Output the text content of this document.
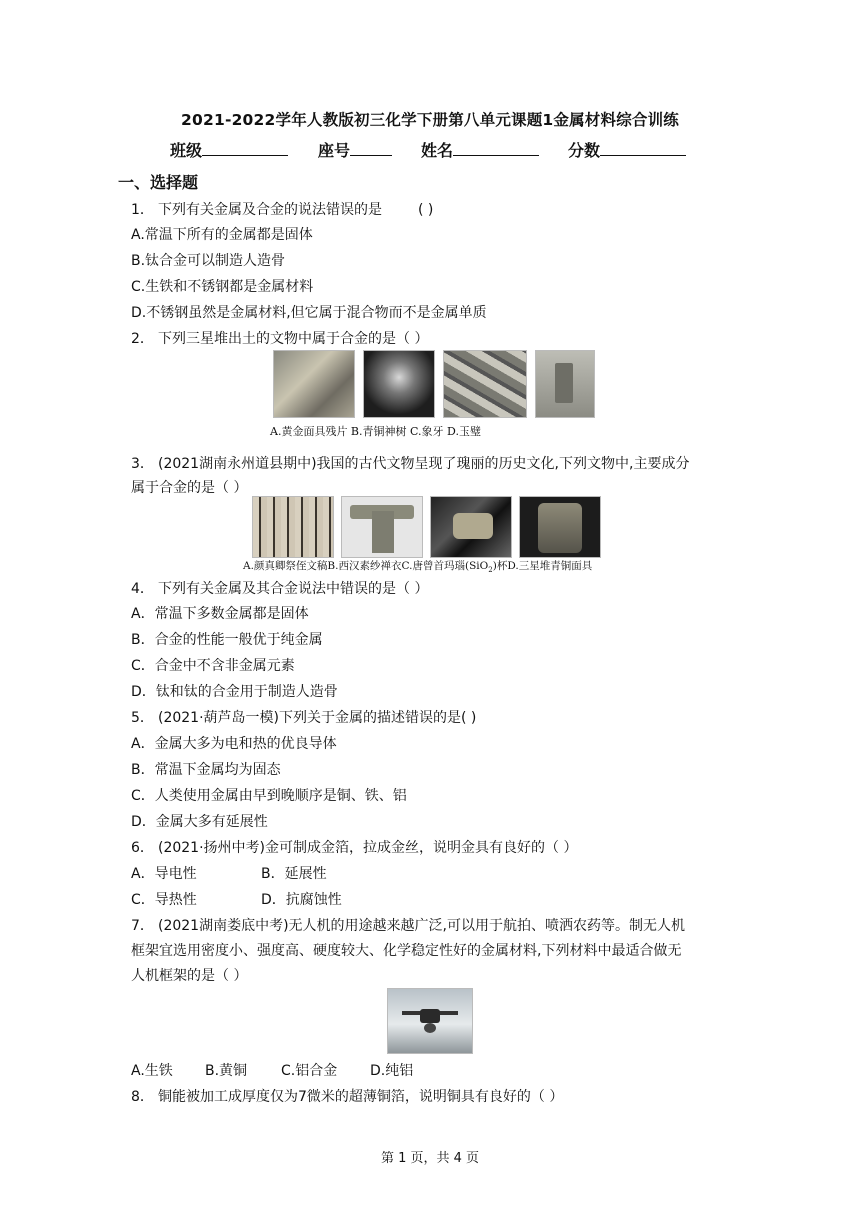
2021-2022学年人教版初三化学下册第八单元课题1金属材料综合训练
班级	座号	姓名	分数
一、选择题
1． 下列有关金属及合金的说法错误的是	( )
A.常温下所有的金属都是固体
B.钛合金可以制造人造骨
C.生铁和不锈钢都是金属材料
D.不锈钢虽然是金属材料,但它属于混合物而不是金属单质
2． 下列三星堆出土的文物中属于合金的是（ ）
A.黄金面具残片 B.青铜神树 C.象牙 D.玉璧
3． (2021湖南永州道县期中)我国的古代文物呈现了瑰丽的历史文化,下列文物中,主要成分
属于合金的是（ ）
A.颜真卿祭侄文稿B.西汉素纱禅衣C.唐曾首玛瑙(SiO$_2$)杯D.三星堆青铜面具
4． 下列有关金属及其合金说法中错误的是（ ）
A．常温下多数金属都是固体
B．合金的性能一般优于纯金属
C．合金中不含非金属元素
D．钛和钛的合金用于制造人造骨
5． (2021·葫芦岛一模)下列关于金属的描述错误的是( )
A．金属大多为电和热的优良导体
B．常温下金属均为固态
C．人类使用金属由早到晚顺序是铜、铁、铝
D．金属大多有延展性
6． (2021·扬州中考)金可制成金箔，拉成金丝，说明金具有良好的（ ）
A．导电性	B．延展性
C．导热性	D．抗腐蚀性
7． (2021湖南娄底中考)无人机的用途越来越广泛,可以用于航拍、喷洒农药等。制无人机
框架宜选用密度小、强度高、硬度较大、化学稳定性好的金属材料,下列材料中最适合做无
人机框架的是（ ）
A.生铁 B.黄铜 C.铝合金 D.纯铝
8． 铜能被加工成厚度仅为7微米的超薄铜箔，说明铜具有良好的（ ）
第 1 页，共 4 页
